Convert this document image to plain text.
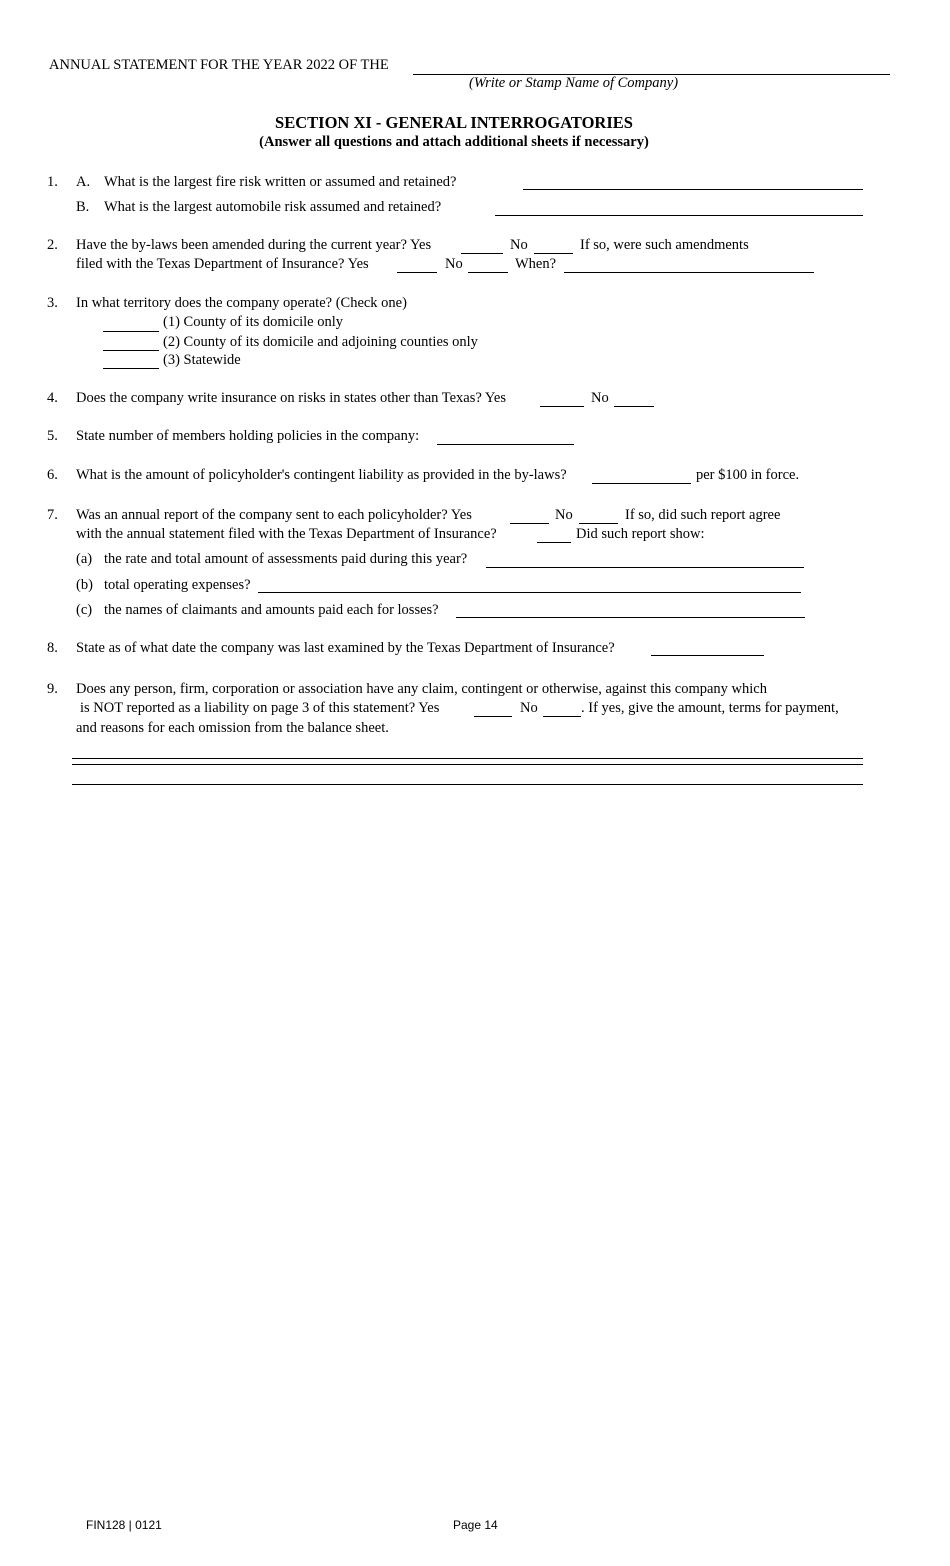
ANNUAL STATEMENT FOR THE YEAR 2022 OF THE
(Write or Stamp Name of Company)
SECTION XI - GENERAL INTERROGATORIES
(Answer all questions and attach additional sheets if necessary)
1. A. What is the largest fire risk written or assumed and retained?
B. What is the largest automobile risk assumed and retained?
2. Have the by-laws been amended during the current year? Yes	No	If so, were such amendments
filed with the Texas Department of Insurance? Yes	No	When?
3. In what territory does the company operate? (Check one)
(1) County of its domicile only
(2) County of its domicile and adjoining counties only
(3) Statewide
4. Does the company write insurance on risks in states other than Texas? Yes	No
5. State number of members holding policies in the company:
6. What is the amount of policyholder's contingent liability as provided in the by-laws?	per $100 in force.
7. Was an annual report of the company sent to each policyholder? Yes	No	If so, did such report agree
with the annual statement filed with the Texas Department of Insurance?	Did such report show:
(a) the rate and total amount of assessments paid during this year?
(b) total operating expenses?
(c) the names of claimants and amounts paid each for losses?
8. State as of what date the company was last examined by the Texas Department of Insurance?
9. Does any person, firm, corporation or association have any claim, contingent or otherwise, against this company which
is NOT reported as a liability on page 3 of this statement? Yes	No	. If yes, give the amount, terms for payment,
and reasons for each omission from the balance sheet.
FIN128 | 0121	Page 14
